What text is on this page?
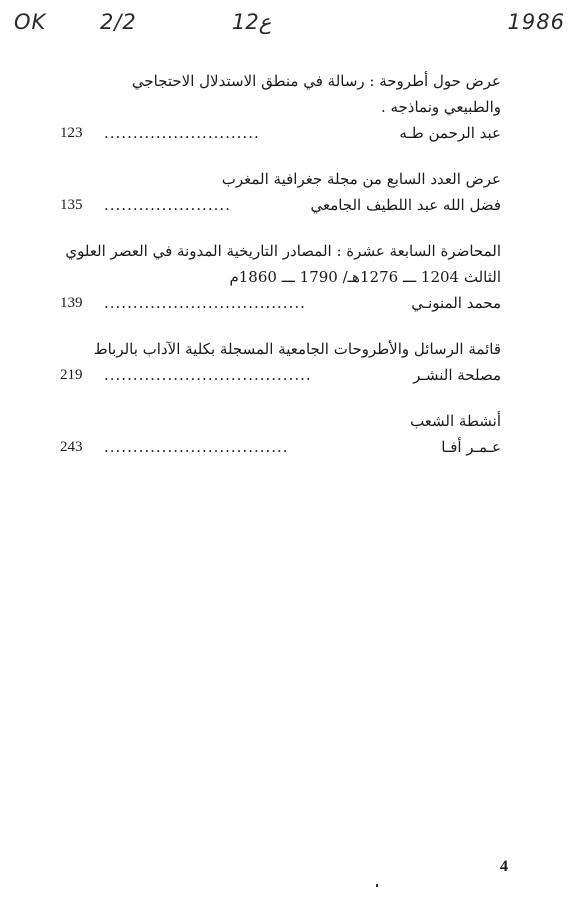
OK	2/2	12ع	1986
عرض حول أطروحة : رسالة في منطق الاستدلال الاحتجاجي
والطبيعي ونماذجه .
123 ...........................	عبد الرحمن طـه
عرض العدد السابع من مجلة جغرافية المغرب
135 ......................	فضل الله عبد اللطيف الجامعي
المحاضرة السابعة عشرة : المصادر التاريخية المدونة في العصر العلوي
الثالث 1204 ـــ 1276هـ/ 1790 ـــ 1860م
139 ...................................	محمد المنونـي
قائمة الرسائل والأطروحات الجامعية المسجلة بكلية الآداب بالرباط
219 ....................................	مصلحة النشـر
أنشطة الشعب
243 ................................	عـمـر أفـا
4
